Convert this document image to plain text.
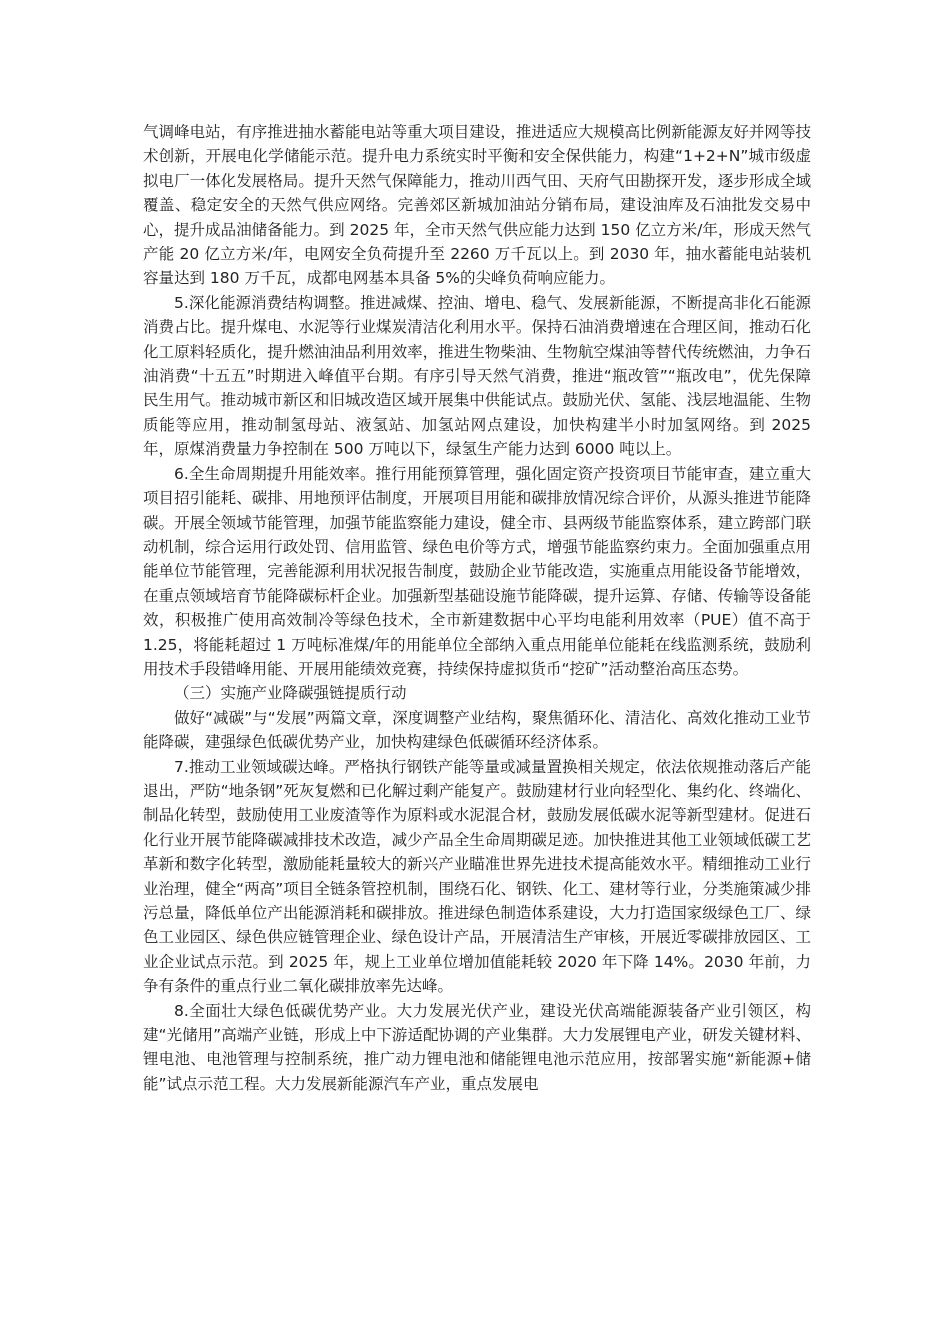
气调峰电站，有序推进抽水蓄能电站等重大项目建设，推进适应大规模高比例新能源友好并网等技术创新，开展电化学储能示范。提升电力系统实时平衡和安全保供能力，构建“1+2+N”城市级虚拟电厂一体化发展格局。提升天然气保障能力，推动川西气田、天府气田勘探开发，逐步形成全域覆盖、稳定安全的天然气供应网络。完善郊区新城加油站分销布局，建设油库及石油批发交易中心，提升成品油储备能力。到 2025 年，全市天然气供应能力达到 150 亿立方米/年，形成天然气产能 20 亿立方米/年，电网安全负荷提升至 2260 万千瓦以上。到 2030 年，抽水蓄能电站装机容量达到 180 万千瓦，成都电网基本具备 5%的尖峰负荷响应能力。

5.深化能源消费结构调整。推进减煤、控油、增电、稳气、发展新能源，不断提高非化石能源消费占比。提升煤电、水泥等行业煤炭清洁化利用水平。保持石油消费增速在合理区间，推动石化化工原料轻质化，提升燃油油品利用效率，推进生物柴油、生物航空煤油等替代传统燃油，力争石油消费“十五五”时期进入峰值平台期。有序引导天然气消费，推进“瓶改管”“瓶改电”，优先保障民生用气。推动城市新区和旧城改造区域开展集中供能试点。鼓励光伏、氢能、浅层地温能、生物质能等应用，推动制氢母站、液氢站、加氢站网点建设，加快构建半小时加氢网络。到 2025 年，原煤消费量力争控制在 500 万吨以下，绿氢生产能力达到 6000 吨以上。

6.全生命周期提升用能效率。推行用能预算管理，强化固定资产投资项目节能审查，建立重大项目招引能耗、碳排、用地预评估制度，开展项目用能和碳排放情况综合评价，从源头推进节能降碳。开展全领域节能管理，加强节能监察能力建设，健全市、县两级节能监察体系，建立跨部门联动机制，综合运用行政处罚、信用监管、绿色电价等方式，增强节能监察约束力。全面加强重点用能单位节能管理，完善能源利用状况报告制度，鼓励企业节能改造，实施重点用能设备节能增效，在重点领域培育节能降碳标杆企业。加强新型基础设施节能降碳，提升运算、存储、传输等设备能效，积极推广使用高效制冷等绿色技术，全市新建数据中心平均电能利用效率（PUE）值不高于 1.25，将能耗超过 1 万吨标准煤/年的用能单位全部纳入重点用能单位能耗在线监测系统，鼓励利用技术手段错峰用能、开展用能绩效竞赛，持续保持虚拟货币“挖矿”活动整治高压态势。

（三）实施产业降碳强链提质行动

做好“减碳”与“发展”两篇文章，深度调整产业结构，聚焦循环化、清洁化、高效化推动工业节能降碳，建强绿色低碳优势产业，加快构建绿色低碳循环经济体系。

7.推动工业领域碳达峰。严格执行钢铁产能等量或减量置换相关规定，依法依规推动落后产能退出，严防“地条钢”死灰复燃和已化解过剩产能复产。鼓励建材行业向轻型化、集约化、终端化、制品化转型，鼓励使用工业废渣等作为原料或水泥混合材，鼓励发展低碳水泥等新型建材。促进石化行业开展节能降碳减排技术改造，减少产品全生命周期碳足迹。加快推进其他工业领域低碳工艺革新和数字化转型，激励能耗量较大的新兴产业瞄准世界先进技术提高能效水平。精细推动工业行业治理，健全“两高”项目全链条管控机制，围绕石化、钢铁、化工、建材等行业，分类施策减少排污总量，降低单位产出能源消耗和碳排放。推进绿色制造体系建设，大力打造国家级绿色工厂、绿色工业园区、绿色供应链管理企业、绿色设计产品，开展清洁生产审核，开展近零碳排放园区、工业企业试点示范。到 2025 年，规上工业单位增加值能耗较 2020 年下降 14%。2030 年前，力争有条件的重点行业二氧化碳排放率先达峰。

8.全面壮大绿色低碳优势产业。大力发展光伏产业，建设光伏高端能源装备产业引领区，构建“光储用”高端产业链，形成上中下游适配协调的产业集群。大力发展锂电产业，研发关键材料、锂电池、电池管理与控制系统，推广动力锂电池和储能锂电池示范应用，按部署实施“新能源+储能”试点示范工程。大力发展新能源汽车产业，重点发展电
